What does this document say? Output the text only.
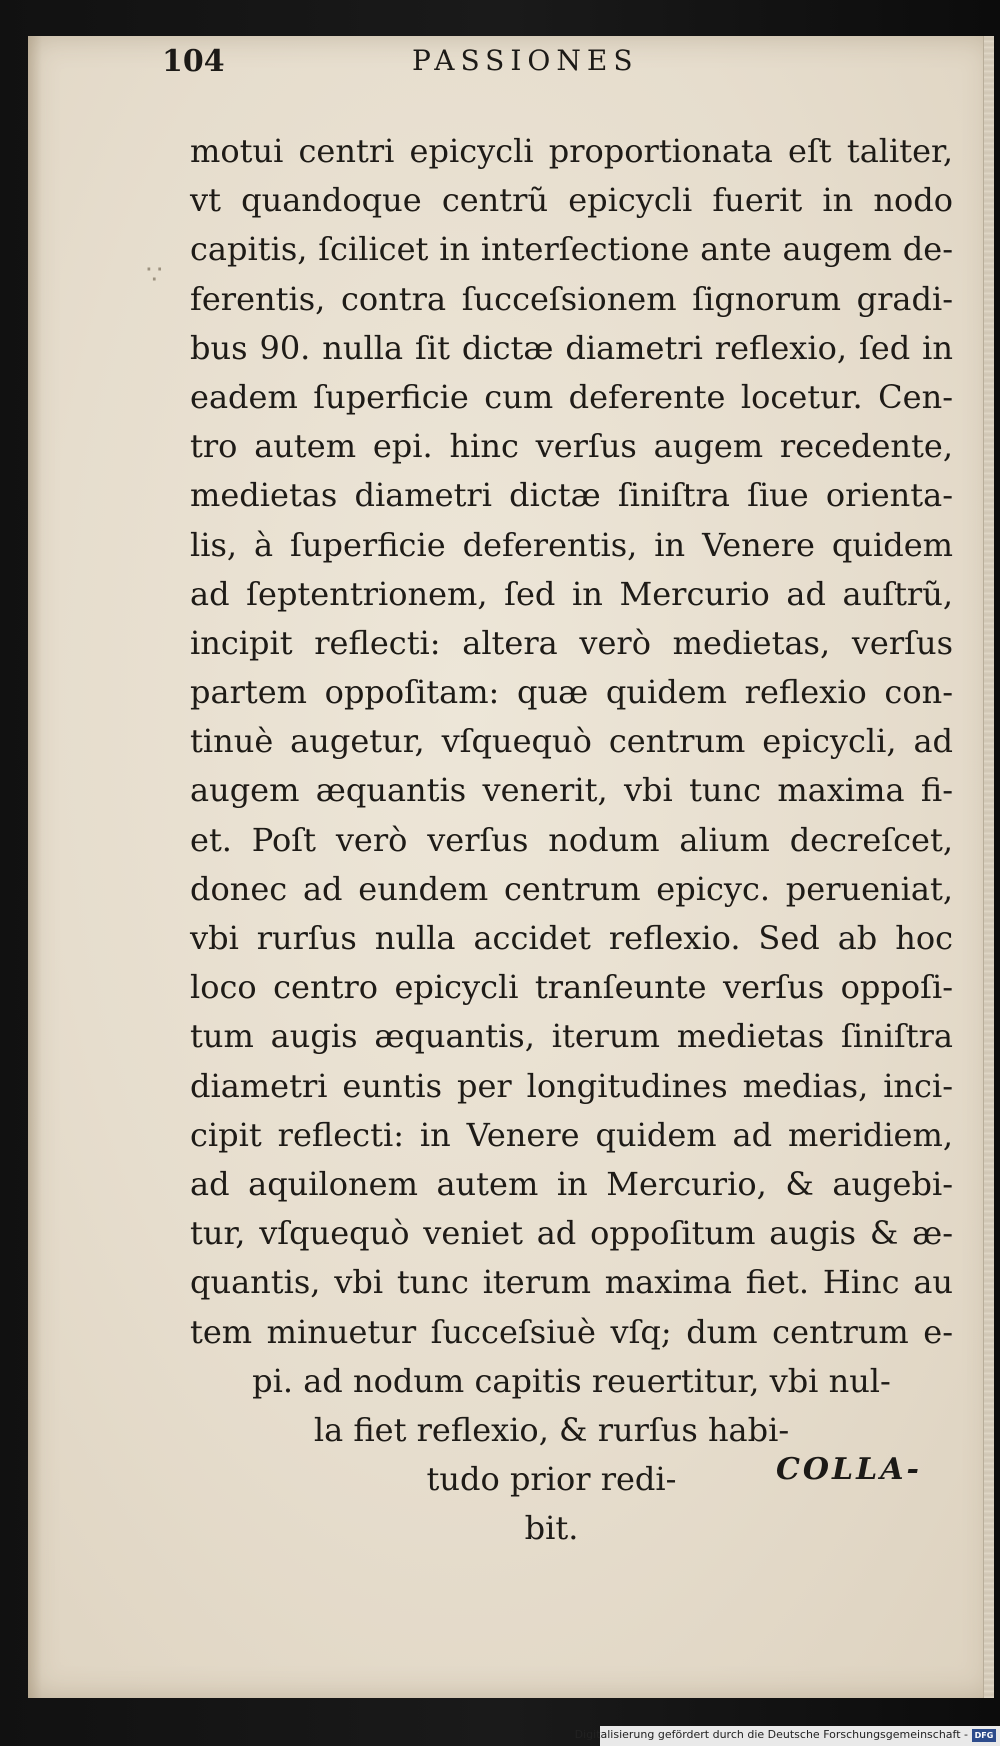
104	PASSIONES
∵
motui centri epicycli proportionata eſt taliter,
vt quandoque centrũ epicycli fuerit in nodo
capitis, ſcilicet in interſectione ante augem de-
ferentis, contra ſucceſsionem ſignorum gradi-
bus 90. nulla ſit dictæ diametri reflexio, ſed in
eadem ſuperficie cum deferente locetur. Cen-
tro autem epi. hinc verſus augem recedente,
medietas diametri dictæ ſiniſtra ſiue orienta-
lis, à ſuperficie deferentis, in Venere quidem
ad ſeptentrionem, ſed in Mercurio ad auſtrũ,
incipit reflecti: altera verò medietas, verſus
partem oppoſitam: quæ quidem reflexio con-
tinuè augetur, vſquequò centrum epicycli, ad
augem æquantis venerit, vbi tunc maxima fi-
et. Poſt verò verſus nodum alium decreſcet,
donec ad eundem centrum epicyc. perueniat,
vbi rurſus nulla accidet reflexio. Sed ab hoc
loco centro epicycli tranſeunte verſus oppoſi-
tum augis æquantis, iterum medietas ſiniſtra
diametri euntis per longitudines medias, inci-
cipit reflecti: in Venere quidem ad meridiem,
ad aquilonem autem in Mercurio, & augebi-
tur, vſquequò veniet ad oppoſitum augis & æ-
quantis, vbi tunc iterum maxima fiet. Hinc au
tem minuetur ſucceſsiuè vſq; dum centrum e-
pi. ad nodum capitis reuertitur, vbi nul-
la fiet reflexio, & rurſus habi-
tudo prior redi-
bit.
COLLA-
Digitalisierung gefördert durch die Deutsche Forschungsgemeinschaft - DFG
